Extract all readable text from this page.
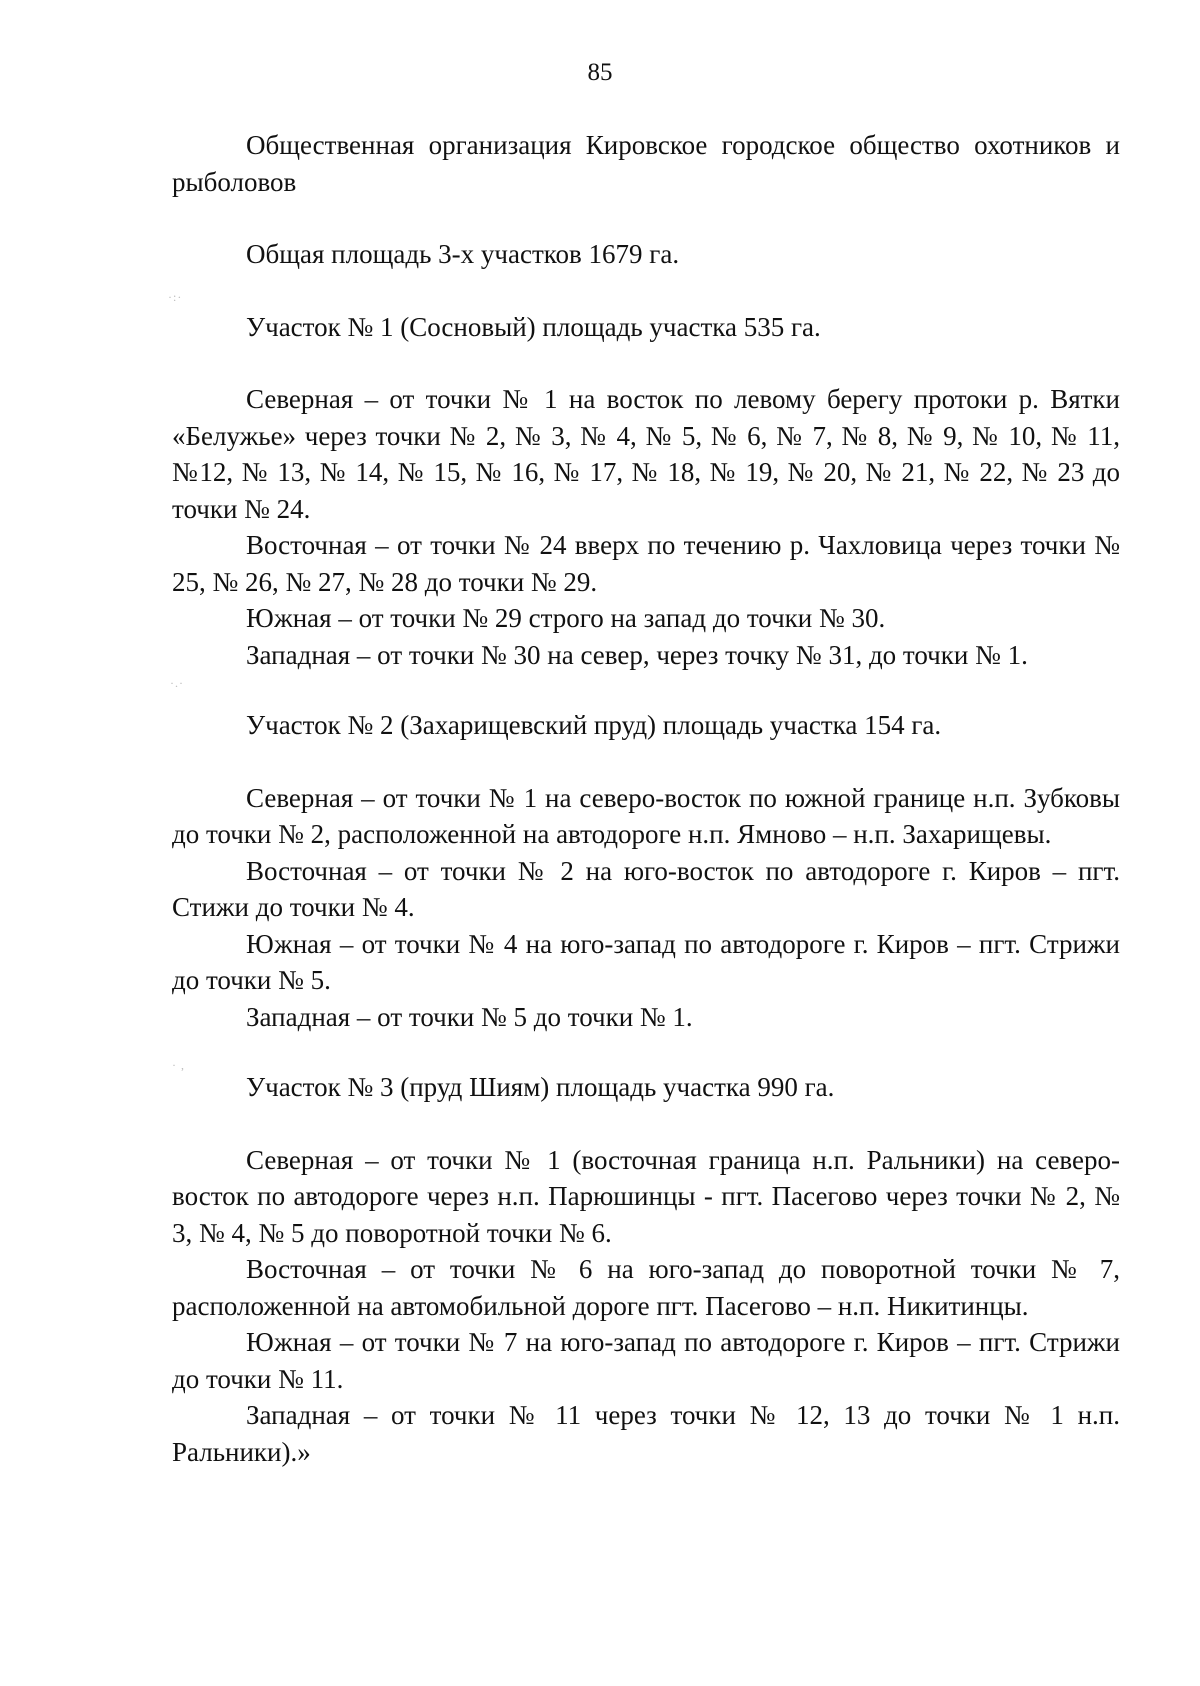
85
·:·
·.·
· ,

Общественная организация Кировское городское общество охотников и рыболовов

Общая площадь 3-х участков 1679 га.

Участок № 1 (Сосновый) площадь участка 535 га.

Северная – от точки № 1 на восток по левому берегу протоки р. Вятки «Белужье» через точки № 2, № 3, № 4, № 5, № 6, № 7, № 8, № 9, № 10, № 11, №12, № 13, № 14, № 15, № 16, № 17, № 18, № 19, № 20, № 21, № 22, № 23 до точки № 24.

Восточная – от точки № 24 вверх по течению р. Чахловица через точки № 25, № 26, № 27, № 28 до точки № 29.

Южная – от точки № 29 строго на запад до точки № 30.

Западная – от точки № 30 на север, через точку № 31, до точки № 1.

Участок № 2 (Захарищевский пруд) площадь участка 154 га.

Северная – от точки № 1 на северо-восток по южной границе н.п. Зубковы до точки № 2, расположенной на автодороге н.п. Ямново – н.п. Захарищевы.

Восточная – от точки № 2 на юго-восток по автодороге г. Киров – пгт. Стижи до точки № 4.

Южная – от точки № 4 на юго-запад по автодороге г. Киров – пгт. Стрижи до точки № 5.

Западная – от точки № 5 до точки № 1.

Участок № 3 (пруд Шиям) площадь участка 990 га.

Северная – от точки № 1 (восточная граница н.п. Ральники) на северо-восток по автодороге через н.п. Парюшинцы - пгт. Пасегово через точки № 2, № 3, № 4, № 5 до поворотной точки № 6.

Восточная – от точки № 6 на юго-запад до поворотной точки № 7, расположенной на автомобильной дороге пгт. Пасегово – н.п. Никитинцы.

Южная – от точки № 7 на юго-запад по автодороге г. Киров – пгт. Стрижи до точки № 11.

Западная – от точки № 11 через точки № 12, 13 до точки № 1 н.п. Ральники).»
